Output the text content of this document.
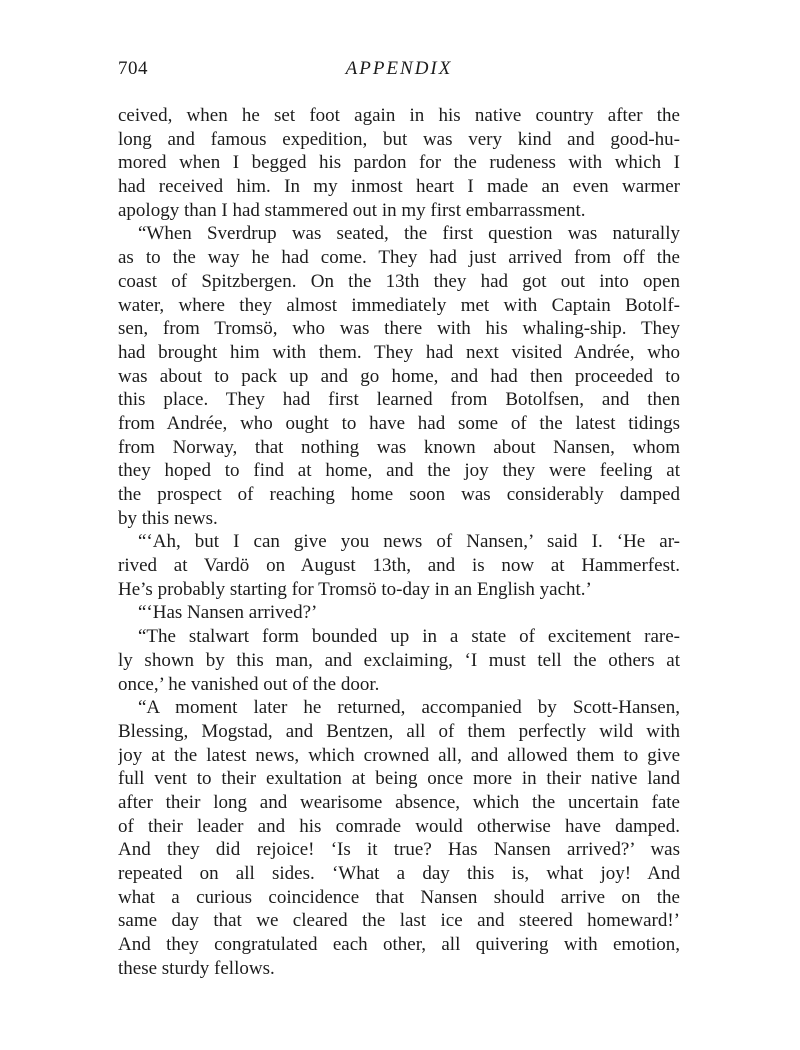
704	APPENDIX
ceived, when he set foot again in his native country after the
long and famous expedition, but was very kind and good-hu-
mored when I begged his pardon for the rudeness with which I
had received him. In my inmost heart I made an even warmer
apology than I had stammered out in my first embarrassment.
“When Sverdrup was seated, the first question was naturally
as to the way he had come. They had just arrived from off the
coast of Spitzbergen. On the 13th they had got out into open
water, where they almost immediately met with Captain Botolf-
sen, from Tromsö, who was there with his whaling-ship. They
had brought him with them. They had next visited Andrée, who
was about to pack up and go home, and had then proceeded to
this place. They had first learned from Botolfsen, and then
from Andrée, who ought to have had some of the latest tidings
from Norway, that nothing was known about Nansen, whom
they hoped to find at home, and the joy they were feeling at
the prospect of reaching home soon was considerably damped
by this news.
“‘Ah, but I can give you news of Nansen,’ said I. ‘He ar-
rived at Vardö on August 13th, and is now at Hammerfest.
He’s probably starting for Tromsö to-day in an English yacht.’
“‘Has Nansen arrived?’
“The stalwart form bounded up in a state of excitement rare-
ly shown by this man, and exclaiming, ‘I must tell the others at
once,’ he vanished out of the door.
“A moment later he returned, accompanied by Scott-Hansen,
Blessing, Mogstad, and Bentzen, all of them perfectly wild with
joy at the latest news, which crowned all, and allowed them to give
full vent to their exultation at being once more in their native land
after their long and wearisome absence, which the uncertain fate
of their leader and his comrade would otherwise have damped.
And they did rejoice! ‘Is it true? Has Nansen arrived?’ was
repeated on all sides. ‘What a day this is, what joy! And
what a curious coincidence that Nansen should arrive on the
same day that we cleared the last ice and steered homeward!’
And they congratulated each other, all quivering with emotion,
these sturdy fellows.
